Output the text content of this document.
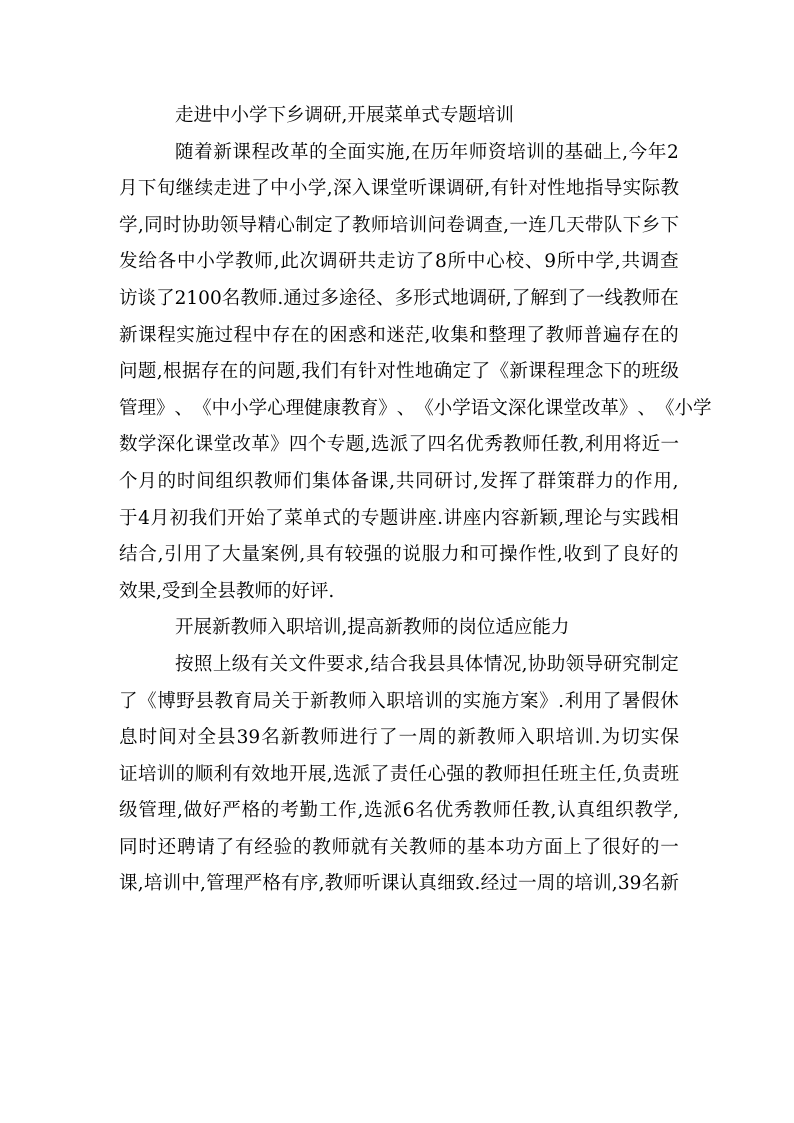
走进中小学下乡调研,开展菜单式专题培训
随 着 新 课 程 改 革 的 全 面 实 施 , 在 历 年 师 资 培 训 的 基 础 上 , 今 年 2
月 下 旬 继 续 走 进 了 中 小 学 , 深 入 课 堂 听 课 调 研 , 有 针 对 性 地 指 导 实 际 教
学 , 同 时 协 助 领 导 精 心 制 定 了 教 师 培 训 问 卷 调 查 , 一 连 几 天 带 队 下 乡 下
发 给 各 中 小 学 教 师 , 此 次 调 研 共 走 访 了 8 所 中 心 校 、 9 所 中 学 , 共 调 查
访 谈 了 2100 名 教 师 . 通 过 多 途 径 、 多 形 式 地 调 研 , 了 解 到 了 一 线 教 师 在
新 课 程 实 施 过 程 中 存 在 的 困 惑 和 迷 茫 , 收 集 和 整 理 了 教 师 普 遍 存 在 的
问 题 , 根 据 存 在 的 问 题 , 我 们 有 针 对 性 地 确 定 了 《 新 课 程 理 念 下 的 班 级
管 理 》 、 《 中 小 学 心 理 健 康 教 育 》 、 《 小 学 语 文 深 化 课 堂 改 革 》 、 《 小 学
数 学 深 化 课 堂 改 革 》 四 个 专 题 , 选 派 了 四 名 优 秀 教 师 任 教 , 利 用 将 近 一
个 月 的 时 间 组 织 教 师 们 集 体 备 课 , 共 同 研 讨 , 发 挥 了 群 策 群 力 的 作 用 ,
于 4 月 初 我 们 开 始 了 菜 单 式 的 专 题 讲 座 . 讲 座 内 容 新 颖 , 理 论 与 实 践 相
结 合 , 引 用 了 大 量 案 例 , 具 有 较 强 的 说 服 力 和 可 操 作 性 , 收 到 了 良 好 的
效果,受到全县教师的好评.
开展新教师入职培训,提高新教师的岗位适应能力
按 照 上 级 有 关 文 件 要 求 , 结 合 我 县 具 体 情 况 , 协 助 领 导 研 究 制 定
了 《 博 野 县 教 育 局 关 于 新 教 师 入 职 培 训 的 实 施 方 案 》 . 利 用 了 暑 假 休
息 时 间 对 全 县 39 名 新 教 师 进 行 了 一 周 的 新 教 师 入 职 培 训 . 为 切 实 保
证 培 训 的 顺 利 有 效 地 开 展 , 选 派 了 责 任 心 强 的 教 师 担 任 班 主 任 , 负 责 班
级 管 理 , 做 好 严 格 的 考 勤 工 作 , 选 派 6 名 优 秀 教 师 任 教 , 认 真 组 织 教 学 ,
同 时 还 聘 请 了 有 经 验 的 教 师 就 有 关 教 师 的 基 本 功 方 面 上 了 很 好 的 一
课 , 培 训 中 , 管 理 严 格 有 序 , 教 师 听 课 认 真 细 致 . 经 过 一 周 的 培 训 , 39 名 新
